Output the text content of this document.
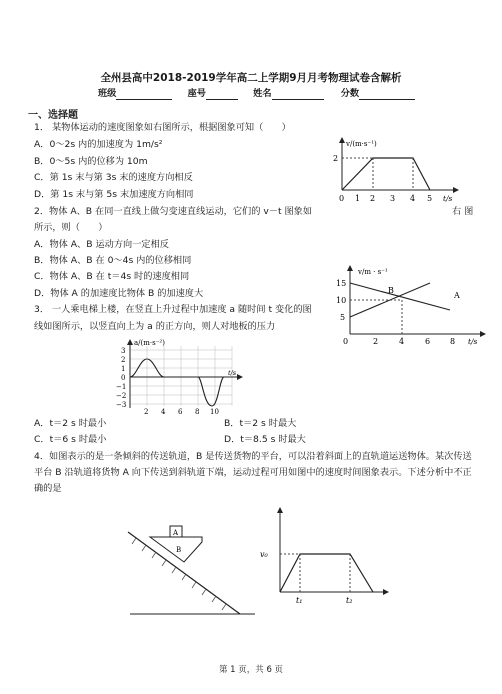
全州县高中2018-2019学年高二上学期9月月考物理试卷含解析
班级	座号	姓名	分数
一、选择题
1． 某物体运动的速度图象如右图所示，根据图象可知（　　）
A．0～2s 内的加速度为 1m/s²
B．0～5s 内的位移为 10m
C．第 1s 末与第 3s 末的速度方向相反
D．第 1s 末与第 5s 末加速度方向相同
v/(m·s⁻¹)
2
0 1 2 3 4 5 t/s
2．物体 A、B 在同一直线上做匀变速直线运动，它们的 v－t 图象如	右 图
所示，则（　　）
A．物体 A、B 运动方向一定相反
B．物体 A、B 在 0～4s 内的位移相同
C．物体 A、B 在 t＝4s 时的速度相同
D．物体 A 的加速度比物体 B 的加速度大
v/m · s⁻¹
15
10
5
0	2	4	6 8 t/s
A
B
3． 一人乘电梯上楼，在竖直上升过程中加速度 a 随时间 t 变化的图
线如图所示，以竖直向上为 a 的正方向，则人对地板的压力
a/(m·s⁻²)
3
2
1
0
−1
−2
−3
2 4 6 8 10
t/s
A．t＝2 s 时最小	B．t＝2 s 时最大
C．t＝6 s 时最小	D．t＝8.5 s 时最大
4．如图表示的是一条倾斜的传送轨道，B 是传送货物的平台，可以沿着斜面上的直轨道运送物体。某次传送
平台 B 沿轨道将货物 A 向下传送到斜轨道下端，运动过程可用如图中的速度时间图象表示。下述分析中不正
确的是
A
B	v₀
t₁	t₂
第 1 页，共 6 页
